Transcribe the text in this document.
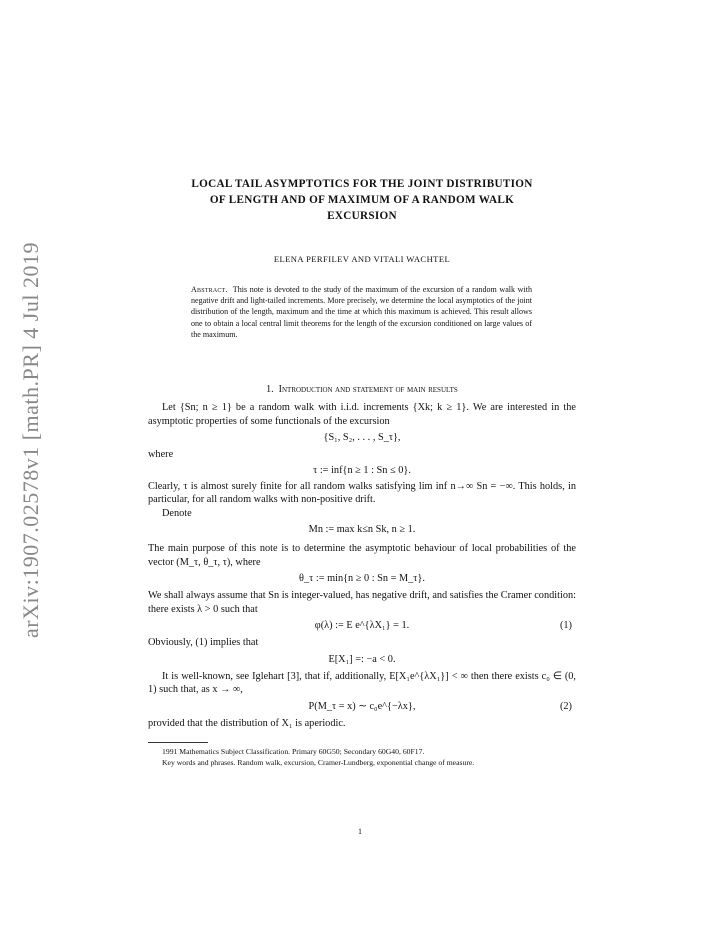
arXiv:1907.02578v1 [math.PR] 4 Jul 2019
LOCAL TAIL ASYMPTOTICS FOR THE JOINT DISTRIBUTION
OF LENGTH AND OF MAXIMUM OF A RANDOM WALK
EXCURSION
ELENA PERFILEV AND VITALI WACHTEL
Abstract. This note is devoted to the study of the maximum of the excursion of a random walk with negative drift and light-tailed increments. More precisely, we determine the local asymptotics of the joint distribution of the length, maximum and the time at which this maximum is achieved. This result allows one to obtain a local central limit theorems for the length of the excursion conditioned on large values of the maximum.
1. Introduction and statement of main results

Let {Sn; n ≥ 1} be a random walk with i.i.d. increments {Xk; k ≥ 1}. We are interested in the asymptotic properties of some functionals of the excursion

{S₁, S₂, . . . , S_τ},

where

τ := inf{n ≥ 1 : Sn ≤ 0}.

Clearly, τ is almost surely finite for all random walks satisfying lim inf n→∞ Sn = −∞. This holds, in particular, for all random walks with non-positive drift.

Denote

Mn := max k≤n Sk, n ≥ 1.

The main purpose of this note is to determine the asymptotic behaviour of local probabilities of the vector (M_τ, θ_τ, τ), where

θ_τ := min{n ≥ 0 : Sn = M_τ}.

We shall always assume that Sn is integer-valued, has negative drift, and satisfies the Cramer condition: there exists λ > 0 such that

φ(λ) := E e^{λX₁} = 1.	(1)

Obviously, (1) implies that

E[X₁] =: −a < 0.

It is well-known, see Iglehart [3], that if, additionally, E[X₁e^{λX₁}] < ∞ then there exists c₀ ∈ (0, 1) such that, as x → ∞,

P(M_τ = x) ∼ c₀e^{−λx},	(2)

provided that the distribution of X₁ is aperiodic.

1991 Mathematics Subject Classification. Primary 60G50; Secondary 60G40, 60F17.

Key words and phrases. Random walk, excursion, Cramer-Lundberg, exponential change of measure.

1
